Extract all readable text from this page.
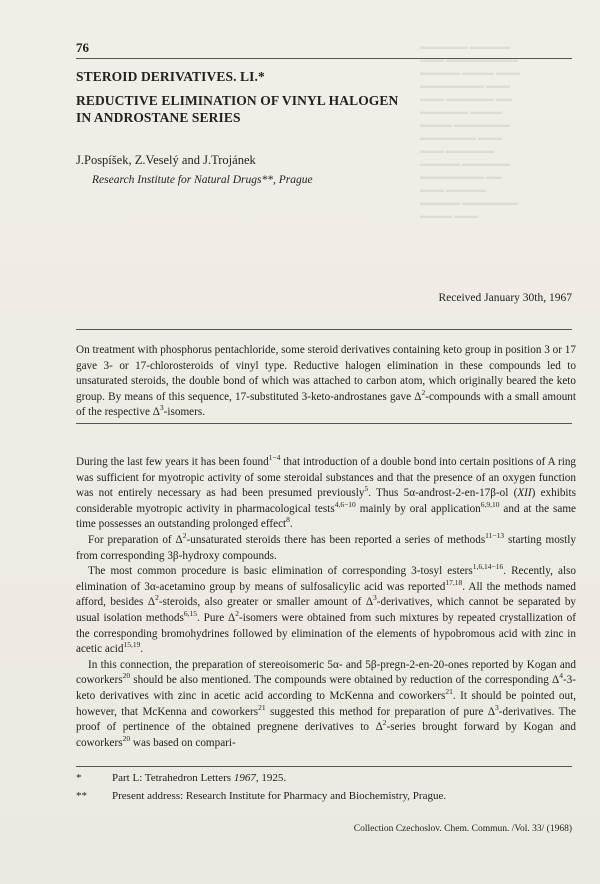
▬▬▬▬▬▬ ▬▬▬▬▬
▬▬▬ ▬▬▬▬▬▬▬▬▬
▬▬▬▬▬ ▬▬▬▬ ▬▬▬
▬▬▬▬▬▬▬▬ ▬▬▬
▬▬▬ ▬▬▬▬▬▬ ▬▬
▬▬▬▬▬▬ ▬▬▬▬
▬▬▬▬ ▬▬▬▬▬▬▬
▬▬▬▬▬▬▬ ▬▬▬
▬▬▬ ▬▬▬▬▬▬
▬▬▬▬▬ ▬▬▬▬▬▬
▬▬▬▬▬▬▬▬ ▬▬
▬▬▬ ▬▬▬▬▬
▬▬▬▬▬ ▬▬▬▬▬▬▬
▬▬▬▬ ▬▬▬
76
STEROID DERIVATIVES. LI.*
REDUCTIVE ELIMINATION OF VINYL HALOGEN
IN ANDROSTANE SERIES
J.Pospíšek, Z.Veselý and J.Trojánek
Research Institute for Natural Drugs**, Prague
Received January 30th, 1967
On treatment with phosphorus pentachloride, some steroid derivatives containing keto group in position 3 or 17 gave 3- or 17-chlorosteroids of vinyl type. Reductive halogen elimination in these compounds led to unsaturated steroids, the double bond of which was attached to carbon atom, which originally beared the keto group. By means of this sequence, 17-substituted 3-keto-androstanes gave $\Delta^2$-compounds with a small amount of the respective $\Delta^3$-isomers.

During the last few years it has been found$^{1-4}$ that introduction of a double bond into certain positions of A ring was sufficient for myotropic activity of some steroidal substances and that the presence of an oxygen function was not entirely necessary as had been presumed previously$^5$. Thus 5α-androst-2-en-17β-ol (XII) exhibits considerable myotropic activity in pharmacological tests$^{4,6-10}$ mainly by oral application$^{6,9,10}$ and at the same time possesses an outstanding prolonged effect$^8$.

For preparation of $\Delta^2$-unsaturated steroids there has been reported a series of methods$^{11-13}$ starting mostly from corresponding 3β-hydroxy compounds.

The most common procedure is basic elimination of corresponding 3-tosyl esters$^{1,6,14-16}$. Recently, also elimination of 3α-acetamino group by means of sulfosalicylic acid was reported$^{17,18}$. All the methods named afford, besides $\Delta^2$-steroids, also greater or smaller amount of $\Delta^3$-derivatives, which cannot be separated by usual isolation methods$^{6,15}$. Pure $\Delta^2$-isomers were obtained from such mixtures by repeated crystallization of the corresponding bromohydrines followed by elimination of the elements of hypobromous acid with zinc in acetic acid$^{15,19}$.

In this connection, the preparation of stereoisomeric 5α- and 5β-pregn-2-en-20-ones reported by Kogan and coworkers$^{20}$ should be also mentioned. The compounds were obtained by reduction of the corresponding $\Delta^4-3$-keto derivatives with zinc in acetic acid according to McKenna and coworkers$^{21}$. It should be pointed out, however, that McKenna and coworkers$^{21}$ suggested this method for preparation of pure $\Delta^3$-derivatives. The proof of pertinence of the obtained pregnene derivatives to $\Delta^2$-series brought forward by Kogan and coworkers$^{20}$ was based on compari-

*	Part L: Tetrahedron Letters 1967, 1925.
** Present address: Research Institute for Pharmacy and Biochemistry, Prague.
Collection Czechoslov. Chem. Commun. /Vol. 33/ (1968)
